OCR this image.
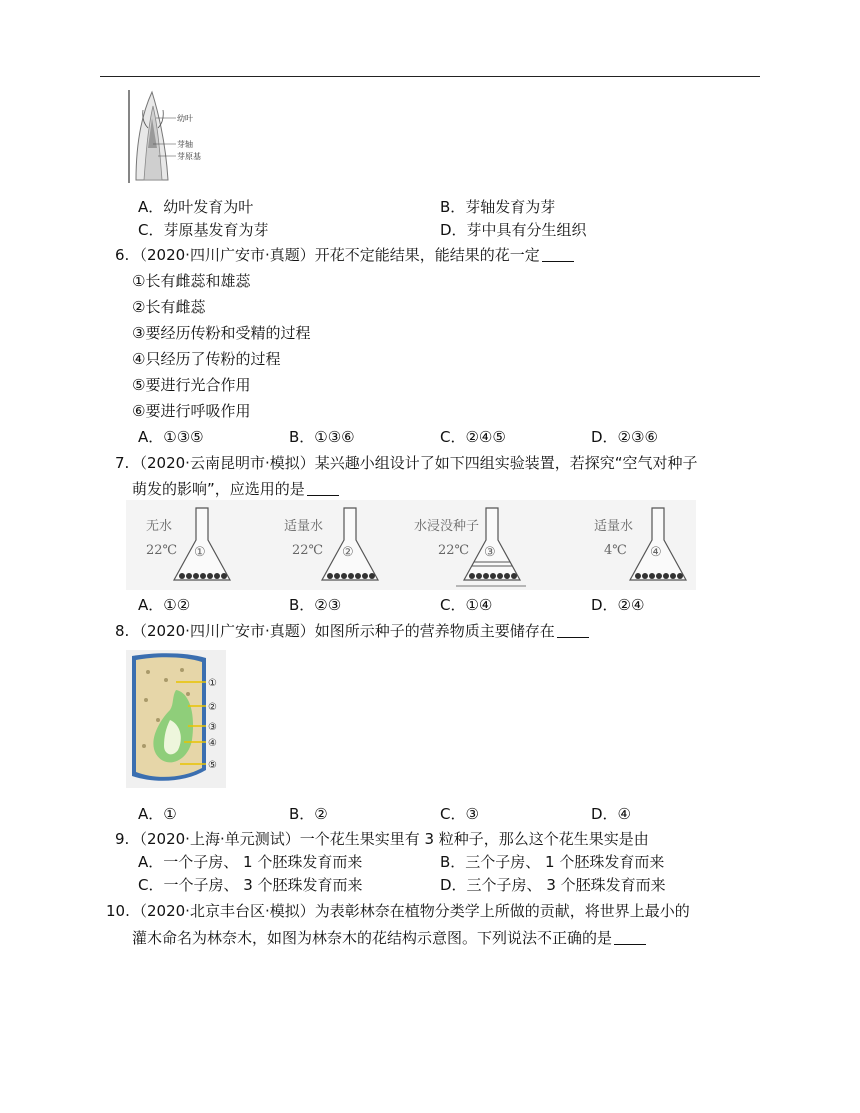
幼叶
芽轴
芽原基
A．幼叶发育为叶	B．芽轴发育为芽
C．芽原基发育为芽	D．芽中具有分生组织
6. （2020·四川广安市·真题）开花不定能结果，能结果的花一定
①长有雌蕊和雄蕊
②长有雌蕊
③要经历传粉和受精的过程
④只经历了传粉的过程
⑤要进行光合作用
⑥要进行呼吸作用
A．①③⑤	B．①③⑥	C．②④⑤	D．②③⑥
7. （2020·云南昆明市·模拟）某兴趣小组设计了如下四组实验装置，若探究“空气对种子
萌发的影响”，应选用的是
无水
22℃ ①
适量水
22℃ ②
水浸没种子
22℃ ③
适量水
4℃ ④
A．①②	B．②③	C．①④	D．②④
8. （2020·四川广安市·真题）如图所示种子的营养物质主要储存在
①
②
③
④
⑤
A．①	B．②	C．③	D．④
9. （2020·上海·单元测试）一个花生果实里有 3 粒种子，那么这个花生果实是由
A．一个子房、 1 个胚珠发育而来	B．三个子房、 1 个胚珠发育而来
C．一个子房、 3 个胚珠发育而来	D．三个子房、 3 个胚珠发育而来
10. （2020·北京丰台区·模拟）为表彰林奈在植物分类学上所做的贡献，将世界上最小的
灌木命名为林奈木，如图为林奈木的花结构示意图。下列说法不正确的是
